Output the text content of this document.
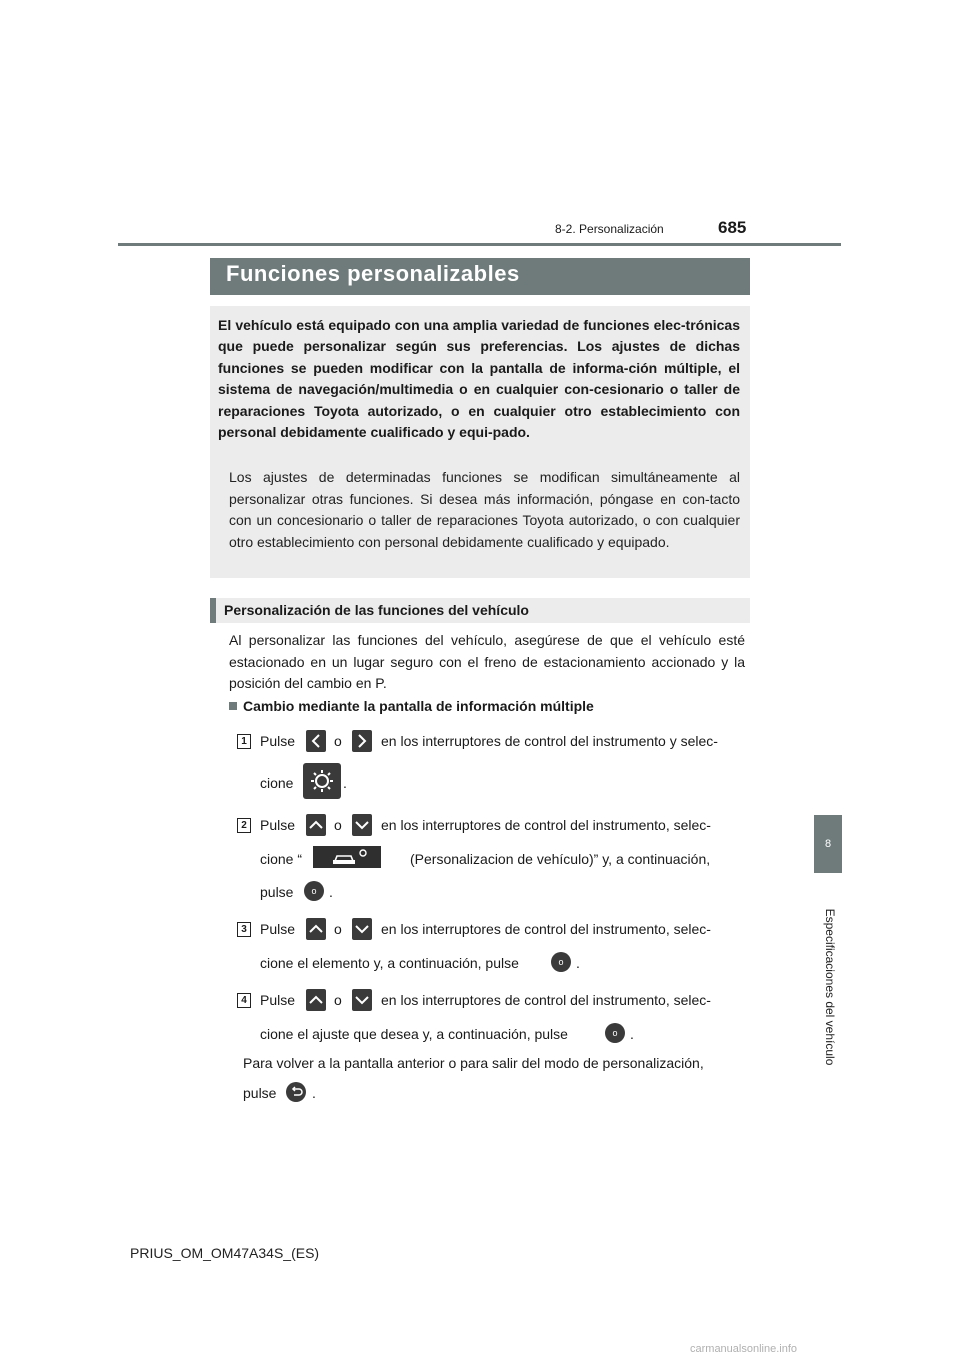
685
8-2. Personalización
8
Especificaciones del vehículo
Funciones personalizables
El vehículo está equipado con una amplia variedad de funciones elec-trónicas que puede personalizar según sus preferencias. Los ajustes de dichas funciones se pueden modificar con la pantalla de informa-ción múltiple, el sistema de navegación/multimedia o en cualquier con-cesionario o taller de reparaciones Toyota autorizado, o en cualquier otro establecimiento con personal debidamente cualificado y equi-pado.
Los ajustes de determinadas funciones se modifican simultáneamente al personalizar otras funciones. Si desea más información, póngase en con-tacto con un concesionario o taller de reparaciones Toyota autorizado, o con cualquier otro establecimiento con personal debidamente cualificado y equipado.
Personalización de las funciones del vehículo
Al personalizar las funciones del vehículo, asegúrese de que el vehículo esté estacionado en un lugar seguro con el freno de estacionamiento accionado y la posición del cambio en P.
Cambio mediante la pantalla de información múltiple
1 Pulse	o	en los interruptores de control del instrumento y selec-
cione	.
2 Pulse	o	en los interruptores de control del instrumento, selec-
cione “	(Personalizacion de vehículo)” y, a continuación,
pulse	o .
3 Pulse	o	en los interruptores de control del instrumento, selec-
cione el elemento y, a continuación, pulse	o .
4 Pulse	o	en los interruptores de control del instrumento, selec-
cione el ajuste que desea y, a continuación, pulse	o .
Para volver a la pantalla anterior o para salir del modo de personalización,
pulse	.
PRIUS_OM_OM47A34S_(ES)
carmanualsonline.info
